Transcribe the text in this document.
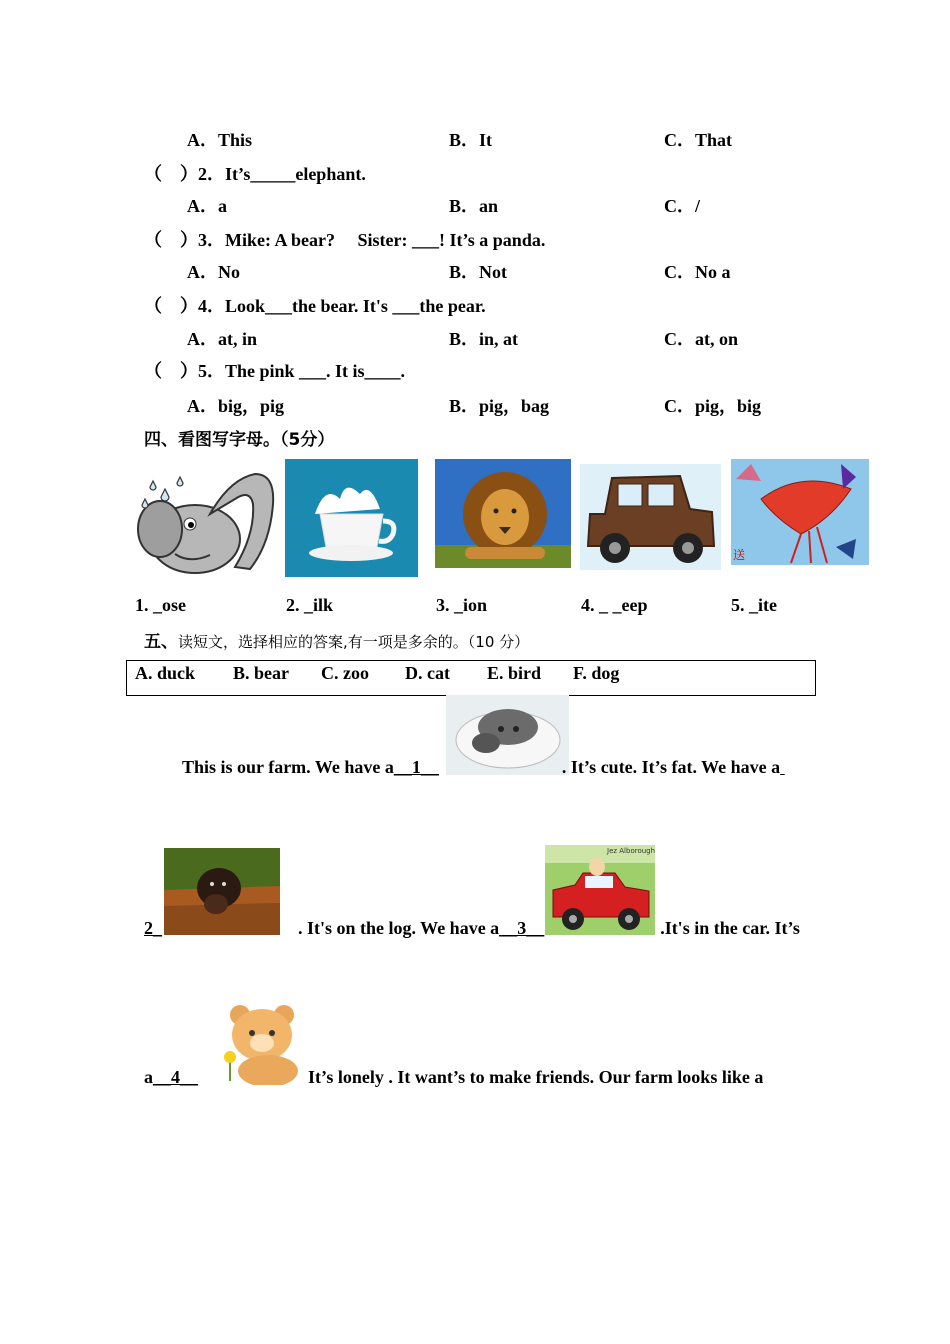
A．This	B．It	C．That
（　）2．It’s_____elephant.
A．a	B．an	C．/
（　）3．Mike: A bear?　 Sister: ___! It’s a panda.
A．No	B．Not	C．No a
（　）4．Look___the bear. It's ___the pear.
A．at, in	B．in, at	C．at, on
（　）5．The pink ___. It is____.
A．big，pig	B．pig，bag	C．pig，big
四、看图写字母。（5分）
送
1. _ose	2. _ilk	3. _ion	4. _ _eep	5. _ite
五、读短文，选择相应的答案,有一项是多余的。（10 分）
A. duck B. bear C. zoo D. cat E. bird F. dog
This is our farm. We have a__1__	. It’s cute. It’s fat. We have a
Jez Alborough
2_	. It's on the log. We have a__3__	.It's in the car. It’s
a__4__	It’s lonely . It want’s to make friends. Our farm looks like a
